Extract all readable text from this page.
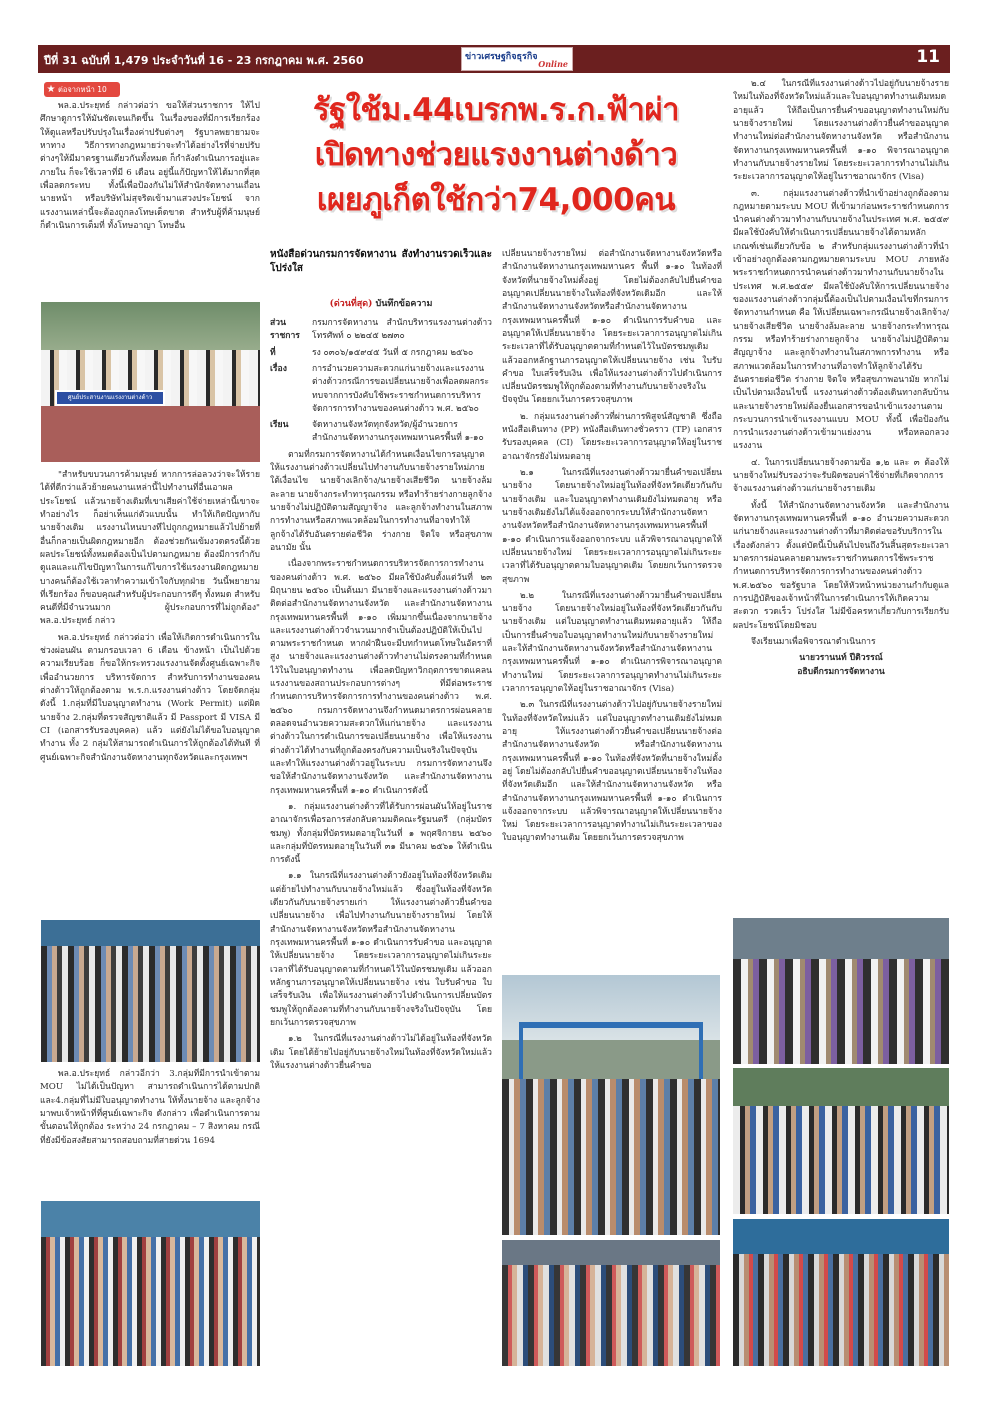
ปีที่ 31 ฉบับที่ 1,479 ประจำวันที่ 16 - 23 กรกฎาคม พ.ศ. 2560	ข่าวเศรษฐกิจธุรกิจ
Online	11
★ ต่อจากหน้า 10
รัฐใช้ม.44เบรกพ.ร.ก.ฟ้าผ่า
เปิดทางช่วยแรงงานต่างด้าว
เผยภูเก็ตใช้กว่า74,000คน

พล.อ.ประยุทธ์ กล่าวต่อว่า ขอให้ส่วนราชการ ให้ไปศึกษาดูการให้มันชัดเจนเกิดขึ้น ในเรื่องของที่มีการเรียกร้องให้ดูแลหรือปรับปรุงในเรื่องค่าปรับต่างๆ รัฐบาลพยายามจะหาทาง วิธีการทางกฎหมายว่าจะทำได้อย่างไรที่จ่ายปรับต่างๆให้มีมาตรฐานเดียวกันทั้งหมด ก็กำลังดำเนินการอยู่และภายใน ก็จะใช้เวลาที่มี 6 เดือน อยู่นี้แก้ปัญหาให้ได้มากที่สุดเพื่อลดกระทบ ทั้งนี้เพื่อป้องกันไม่ให้สำนักจัดหางานเถื่อน นายหน้า หรือบริษัทไม่สุจริตเข้ามาแสวงประโยชน์ จากแรงงานเหล่านี้จะต้องถูกลงโทษเด็ดขาด สำหรับผู้ที่ค้ามนุษย์ก็ดำเนินการเต็มที่ ทั้งโทษอาญา โทษอื่น

ศูนย์ประสานงานแรงงานต่างด้าว

"สำหรับขบวนการค้ามนุษย์ หากการล่อลวงว่าจะให้รายได้ที่ดีกว่าแล้วย้ายคนงานเหล่านี้ไปทำงานที่อื่นเอาผลประโยชน์ แล้วนายจ้างเดิมที่เขาเสียค่าใช้จ่ายเหล่านี้เขาจะทำอย่างไร ก็อย่าเห็นแก่ตัวแบบนั้น ทำให้เกิดปัญหากับนายจ้างเดิม แรงงานไหนบางทีไปถูกกฎหมายแล้วไปย้ายที่อื่นก็กลายเป็นผิดกฎหมายอีก ต้องช่วยกันเข้มงวดตรงนี้ด้วย ผลประโยชน์ทั้งหมดต้องเป็นไปตามกฎหมาย ต้องมีการกำกับดูแลและแก้ไขปัญหาในการแก้ไขการใช้แรงงานผิดกฎหมาย บางคนก็ต้องใช้เวลาทำความเข้าใจกับทุกฝ่าย วันนี้พยายามที่เรียกร้อง ก็ขอบคุณสำหรับผู้ประกอบการดีๆ ทั้งหมด สำหรับคนดีที่มีจำนวนมาก ผู้ประกอบการที่ไม่ถูกต้อง" พล.อ.ประยุทธ์ กล่าว

พล.อ.ประยุทธ์ กล่าวต่อว่า เพื่อให้เกิดการดำเนินการในช่วงผ่อนผัน ตามกรอบเวลา 6 เดือน ข้างหน้า เป็นไปด้วยความเรียบร้อย ก็ขอให้กระทรวงแรงงานจัดตั้งศูนย์เฉพาะกิจ เพื่ออำนวยการ บริหารจัดการ สำหรับการทำงานของคนต่างด้าวให้ถูกต้องตาม พ.ร.ก.แรงงานต่างด้าว โดยจัดกลุ่มดังนี้ 1.กลุ่มที่มีใบอนุญาตทำงาน (Work Permit) แต่ผิดนายจ้าง 2.กลุ่มที่ตรวจสัญชาติแล้ว มี Passport มี VISA มี CI (เอกสารรับรองบุคคล) แล้ว แต่ยังไม่ได้ขอใบอนุญาตทำงาน ทั้ง 2 กลุ่มให้สามารถดำเนินการให้ถูกต้องได้ทันที ที่ศูนย์เฉพาะกิจสำนักงานจัดหางานทุกจังหวัดและกรุงเทพฯ

พล.อ.ประยุทธ์ กล่าวอีกว่า 3.กลุ่มที่มีการนำเข้าตาม MOU ไม่ได้เป็นปัญหา สามารถดำเนินการได้ตามปกติ และ4.กลุ่มที่ไม่มีใบอนุญาตทำงาน ให้ทั้งนายจ้าง และลูกจ้าง มาพบเจ้าหน้าที่ที่ศูนย์เฉพาะกิจ ดังกล่าว เพื่อดำเนินการตามขั้นตอนให้ถูกต้อง ระหว่าง 24 กรกฎาคม – 7 สิงหาคม กรณีที่ยังมีข้อสงสัยสามารถสอบถามที่สายด่วน 1694

หนังสือด่วนกรมการจัดหางาน สั่งทำงานรวดเร็วและโปร่งใส
(ด่วนที่สุด) บันทึกข้อความ
ส่วนราชการ
กรมการจัดหางาน สำนักบริหารแรงงานต่างด้าว โทรศัพท์ ๐ ๒๒๔๕ ๒๗๓๐
ที่	รง ๐๓๐๖/๑๕๙๔๕ วันที่ ๕ กรกฎาคม ๒๕๖๐
เรื่อง	การอำนวยความสะดวกแก่นายจ้างและแรงงานต่างด้าวกรณีการขอเปลี่ยนนายจ้างเพื่อลดผลกระทบจากการบังคับใช้พระราชกำหนดการบริหารจัดการการทำงานของคนต่างด้าว พ.ศ. ๒๕๖๐
เรียน	จัดหางานจังหวัดทุกจังหวัด/ผู้อำนวยการสำนักงานจัดหางานกรุงเทพมหานครพื้นที่ ๑-๑๐

ตามที่กรมการจัดหางานได้กำหนดเงื่อนไขการอนุญาตให้แรงงานต่างด้าวเปลี่ยนไปทำงานกับนายจ้างรายใหม่ภายใต้เงื่อนไข นายจ้างเลิกจ้าง/นายจ้างเสียชีวิต นายจ้างล้มละลาย นายจ้างกระทำทารุณกรรม หรือทำร้ายร่างกายลูกจ้าง นายจ้างไม่ปฏิบัติตามสัญญาจ้าง และลูกจ้างทำงานในสภาพการทำงานหรือสภาพแวดล้อมในการทำงานที่อาจทำให้ลูกจ้างได้รับอันตรายต่อชีวิต ร่างกาย จิตใจ หรือสุขภาพอนามัย นั้น

เนื่องจากพระราชกำหนดการบริหารจัดการการทำงานของคนต่างด้าว พ.ศ. ๒๕๖๐ มีผลใช้บังคับตั้งแต่วันที่ ๒๓ มิถุนายน ๒๕๖๐ เป็นต้นมา มีนายจ้างและแรงงานต่างด้าวมาติดต่อสำนักงานจัดหางานจังหวัด และสำนักงานจัดหางานกรุงเทพมหานครพื้นที่ ๑-๑๐ เพิ่มมากขึ้นเนื่องจากนายจ้างและแรงงานต่างด้าวจำนวนมากจำเป็นต้องปฏิบัติให้เป็นไปตามพระราชกำหนด หากฝ่าฝืนจะมีบทกำหนดโทษในอัตราที่สูง นายจ้างและแรงงานต่างด้าวทำงานไม่ตรงตามที่กำหนดไว้ในใบอนุญาตทำงาน เพื่อลดปัญหาวิกฤตการขาดแคลนแรงงานของสถานประกอบการต่างๆ ที่มีต่อพระราชกำหนดการบริหารจัดการการทำงานของคนต่างด้าว พ.ศ. ๒๕๖๐ กรมการจัดหางานจึงกำหนดมาตรการผ่อนคลาย ตลอดจนอำนวยความสะดวกให้แก่นายจ้าง และแรงงานต่างด้าวในการดำเนินการขอเปลี่ยนนายจ้าง เพื่อให้แรงงานต่างด้าวได้ทำงานที่ถูกต้องตรงกับความเป็นจริงในปัจจุบัน และทำให้แรงงานต่างด้าวอยู่ในระบบ กรมการจัดหางานจึงขอให้สำนักงานจัดหางานจังหวัด และสำนักงานจัดหางานกรุงเทพมหานครพื้นที่ ๑-๑๐ ดำเนินการดังนี้

๑. กลุ่มแรงงานต่างด้าวที่ได้รับการผ่อนผันให้อยู่ในราชอาณาจักรเพื่อรอการส่งกลับตามมติคณะรัฐมนตรี (กลุ่มบัตรชมพู) ทั้งกลุ่มที่บัตรหมดอายุในวันที่ ๑ พฤศจิกายน ๒๕๖๐ และกลุ่มที่บัตรหมดอายุในวันที่ ๓๑ มีนาคม ๒๕๖๑ ให้ดำเนินการดังนี้

๑.๑ ในกรณีที่แรงงานต่างด้าวยังอยู่ในท้องที่จังหวัดเดิม แต่ย้ายไปทำงานกับนายจ้างใหม่แล้ว ซึ่งอยู่ในท้องที่จังหวัดเดียวกันกับนายจ้างรายเก่า ให้แรงงานต่างด้าวยื่นคำขอเปลี่ยนนายจ้าง เพื่อไปทำงานกับนายจ้างรายใหม่ โดยให้สำนักงานจัดหางานจังหวัดหรือสำนักงานจัดหางานกรุงเทพมหานครพื้นที่ ๑-๑๐ ดำเนินการรับคำขอ และอนุญาตให้เปลี่ยนนายจ้าง โดยระยะเวลาการอนุญาตไม่เกินระยะเวลาที่ได้รับอนุญาตตามที่กำหนดไว้ในบัตรชมพูเดิม แล้วออกหลักฐานการอนุญาตให้เปลี่ยนนายจ้าง เช่น ใบรับคำขอ ใบเสร็จรับเงิน เพื่อให้แรงงานต่างด้าวไปดำเนินการเปลี่ยนบัตรชมพูให้ถูกต้องตามที่ทำงานกับนายจ้างจริงในปัจจุบัน โดยยกเว้นการตรวจสุขภาพ

๑.๒ ในกรณีที่แรงงานต่างด้าวไม่ได้อยู่ในท้องที่จังหวัดเดิม โดยได้ย้ายไปอยู่กับนายจ้างใหม่ในท้องที่จังหวัดใหม่แล้ว ให้แรงงานต่างด้าวยื่นคำขอ

เปลี่ยนนายจ้างรายใหม่ ต่อสำนักงานจัดหางานจังหวัดหรือสำนักงานจัดหางานกรุงเทพมหานคร พื้นที่ ๑-๑๐ ในท้องที่จังหวัดที่นายจ้างใหม่ตั้งอยู่ โดยไม่ต้องกลับไปยื่นคำขออนุญาตเปลี่ยนนายจ้างในท้องที่จังหวัดเดิมอีก และให้สำนักงานจัดหางานจังหวัดหรือสำนักงานจัดหางานกรุงเทพมหานครพื้นที่ ๑-๑๐ ดำเนินการรับคำขอ และอนุญาตให้เปลี่ยนนายจ้าง โดยระยะเวลาการอนุญาตไม่เกินระยะเวลาที่ได้รับอนุญาตตามที่กำหนดไว้ในบัตรชมพูเดิม แล้วออกหลักฐานการอนุญาตให้เปลี่ยนนายจ้าง เช่น ใบรับคำขอ ใบเสร็จรับเงิน เพื่อให้แรงงานต่างด้าวไปดำเนินการเปลี่ยนบัตรชมพูให้ถูกต้องตามที่ทำงานกับนายจ้างจริงในปัจจุบัน โดยยกเว้นการตรวจสุขภาพ

๒. กลุ่มแรงงานต่างด้าวที่ผ่านการพิสูจน์สัญชาติ ซึ่งถือหนังสือเดินทาง (PP) หนังสือเดินทางชั่วคราว (TP) เอกสารรับรองบุคคล (CI) โดยระยะเวลาการอนุญาตให้อยู่ในราชอาณาจักรยังไม่หมดอายุ

๒.๑ ในกรณีที่แรงงานต่างด้าวมายื่นคำขอเปลี่ยนนายจ้าง โดยนายจ้างใหม่อยู่ในท้องที่จังหวัดเดียวกันกับนายจ้างเดิม และใบอนุญาตทำงานเดิมยังไม่หมดอายุ หรือนายจ้างเดิมยังไม่ได้แจ้งออกจากระบบให้สำนักงานจัดหางานจังหวัดหรือสำนักงานจัดหางานกรุงเทพมหานครพื้นที่ ๑-๑๐ ดำเนินการแจ้งออกจากระบบ แล้วพิจารณาอนุญาตให้เปลี่ยนนายจ้างใหม่ โดยระยะเวลาการอนุญาตไม่เกินระยะเวลาที่ได้รับอนุญาตตามใบอนุญาตเดิม โดยยกเว้นการตรวจสุขภาพ

๒.๒ ในกรณีที่แรงงานต่างด้าวมายื่นคำขอเปลี่ยนนายจ้าง โดยนายจ้างใหม่อยู่ในท้องที่จังหวัดเดียวกันกับนายจ้างเดิม แต่ใบอนุญาตทำงานเดิมหมดอายุแล้ว ให้ถือเป็นการยื่นคำขอใบอนุญาตทำงานใหม่กับนายจ้างรายใหม่ และให้สำนักงานจัดหางานจังหวัดหรือสำนักงานจัดหางานกรุงเทพมหานครพื้นที่ ๑-๑๐ ดำเนินการพิจารณาอนุญาตทำงานใหม่ โดยระยะเวลาการอนุญาตทำงานไม่เกินระยะเวลาการอนุญาตให้อยู่ในราชอาณาจักร (Visa)

๒.๓ ในกรณีที่แรงงานต่างด้าวไปอยู่กับนายจ้างรายใหม่ในท้องที่จังหวัดใหม่แล้ว แต่ใบอนุญาตทำงานเดิมยังไม่หมดอายุ ให้แรงงานต่างด้าวยื่นคำขอเปลี่ยนนายจ้างต่อสำนักงานจัดหางานจังหวัด หรือสำนักงานจัดหางานกรุงเทพมหานครพื้นที่ ๑-๑๐ ในท้องที่จังหวัดที่นายจ้างใหม่ตั้งอยู่ โดยไม่ต้องกลับไปยื่นคำขออนุญาตเปลี่ยนนายจ้างในท้องที่จังหวัดเดิมอีก และให้สำนักงานจัดหางานจังหวัด หรือสำนักงานจัดหางานกรุงเทพมหานครพื้นที่ ๑-๑๐ ดำเนินการแจ้งออกจากระบบ แล้วพิจารณาอนุญาตให้เปลี่ยนนายจ้างใหม่ โดยระยะเวลาการอนุญาตทำงานไม่เกินระยะเวลาของใบอนุญาตทำงานเดิม โดยยกเว้นการตรวจสุขภาพ

๒.๔ ในกรณีที่แรงงานต่างด้าวไปอยู่กับนายจ้างรายใหม่ในท้องที่จังหวัดใหม่แล้วและใบอนุญาตทำงานเดิมหมดอายุแล้ว ให้ถือเป็นการยื่นคำขออนุญาตทำงานใหม่กับนายจ้างรายใหม่ โดยแรงงานต่างด้าวยื่นคำขออนุญาตทำงานใหม่ต่อสำนักงานจัดหางานจังหวัด หรือสำนักงานจัดหางานกรุงเทพมหานครพื้นที่ ๑-๑๐ พิจารณาอนุญาตทำงานกับนายจ้างรายใหม่ โดยระยะเวลาการทำงานไม่เกินระยะเวลาการอนุญาตให้อยู่ในราชอาณาจักร (Visa)

๓. กลุ่มแรงงานต่างด้าวที่นำเข้าอย่างถูกต้องตามกฎหมายตามระบบ MOU ที่เข้ามาก่อนพระราชกำหนดการนำคนต่างด้าวมาทำงานกับนายจ้างในประเทศ พ.ศ. ๒๕๕๙ มีผลใช้บังคับให้ดำเนินการเปลี่ยนนายจ้างได้ตามหลักเกณฑ์เช่นเดียวกับข้อ ๒ สำหรับกลุ่มแรงงานต่างด้าวที่นำเข้าอย่างถูกต้องตามกฎหมายตามระบบ MOU ภายหลังพระราชกำหนดการนำคนต่างด้าวมาทำงานกับนายจ้างในประเทศ พ.ศ.๒๕๕๙ มีผลใช้บังคับให้การเปลี่ยนนายจ้างของแรงงานต่างด้าวกลุ่มนี้ต้องเป็นไปตามเงื่อนไขที่กรมการจัดหางานกำหนด คือ ให้เปลี่ยนเฉพาะกรณีนายจ้างเลิกจ้าง/นายจ้างเสียชีวิต นายจ้างล้มละลาย นายจ้างกระทำทารุณกรรม หรือทำร้ายร่างกายลูกจ้าง นายจ้างไม่ปฏิบัติตามสัญญาจ้าง และลูกจ้างทำงานในสภาพการทำงาน หรือสภาพแวดล้อมในการทำงานที่อาจทำให้ลูกจ้างได้รับอันตรายต่อชีวิต ร่างกาย จิตใจ หรือสุขภาพอนามัย หากไม่เป็นไปตามเงื่อนไขนี้ แรงงานต่างด้าวต้องเดินทางกลับบ้านและนายจ้างรายใหม่ต้องยื่นเอกสารขอนำเข้าแรงงานตามกระบวนการนำเข้าแรงงานแบบ MOU ทั้งนี้ เพื่อป้องกันการนำแรงงานต่างด้าวเข้ามาแย่งงาน หรือหลอกลวงแรงงาน

๔. ในการเปลี่ยนนายจ้างตามข้อ ๑,๒ และ ๓ ต้องให้นายจ้างใหม่รับรองว่าจะรับผิดชอบค่าใช้จ่ายที่เกิดจากการจ้างแรงงานต่างด้าวแก่นายจ้างรายเดิม

ทั้งนี้ ให้สำนักงานจัดหางานจังหวัด และสำนักงานจัดหางานกรุงเทพมหานครพื้นที่ ๑-๑๐ อำนวยความสะดวกแก่นายจ้างและแรงงานต่างด้าวที่มาติดต่อขอรับบริการในเรื่องดังกล่าว ตั้งแต่บัดนี้เป็นต้นไปจนถึงวันสิ้นสุดระยะเวลามาตรการผ่อนคลายตามพระราชกำหนดการใช้พระราชกำหนดการบริหารจัดการการทำงานของคนต่างด้าว พ.ศ.๒๕๖๐ ขอรัฐบาล โดยให้หัวหน้าหน่วยงานกำกับดูแลการปฏิบัติของเจ้าหน้าที่ในการดำเนินการให้เกิดความสะดวก รวดเร็ว โปร่งใส ไม่มีข้อครหาเกี่ยวกับการเรียกรับผลประโยชน์โดยมิชอบ

จึงเรียนมาเพื่อพิจารณาดำเนินการ

นายวรานนท์ ปีติวรรณ์
อธิบดีกรมการจัดหางาน
